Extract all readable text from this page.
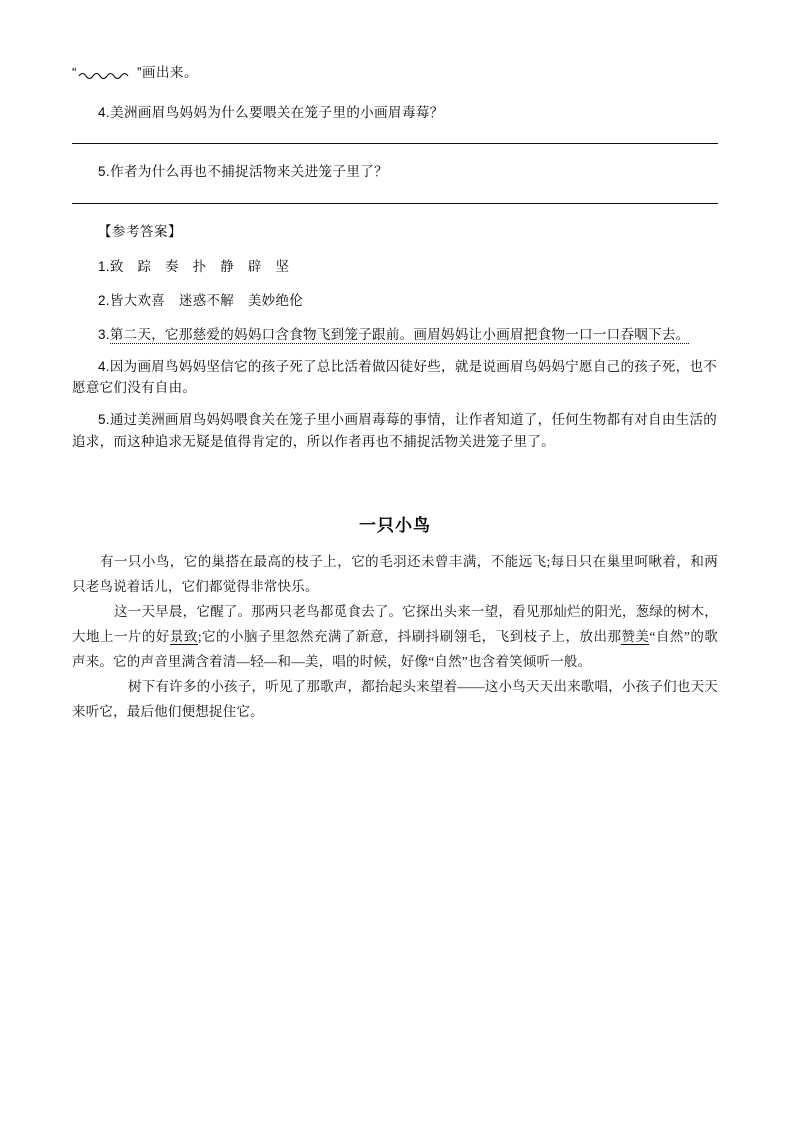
“	”画出来。

4.美洲画眉鸟妈妈为什么要喂关在笼子里的小画眉毒莓？

5.作者为什么再也不捕捉活物来关进笼子里了？

【参考答案】

1.致　踪　奏　扑　静　辟　坚

2.皆大欢喜　迷惑不解　美妙绝伦

3.第二天，它那慈爱的妈妈口含食物飞到笼子跟前。画眉妈妈让小画眉把食物一口一口吞咽下去。

4.因为画眉鸟妈妈坚信它的孩子死了总比活着做囚徒好些，就是说画眉鸟妈妈宁愿自己的孩子死，也不愿意它们没有自由。

5.通过美洲画眉鸟妈妈喂食关在笼子里小画眉毒莓的事情，让作者知道了，任何生物都有对自由生活的追求，而这种追求无疑是值得肯定的，所以作者再也不捕捉活物关进笼子里了。

一只小鸟

有一只小鸟，它的巢搭在最高的枝子上，它的毛羽还未曾丰满，不能远飞;每日只在巢里呵啾着，和两只老鸟说着话儿，它们都觉得非常快乐。

这一天早晨，它醒了。那两只老鸟都觅食去了。它探出头来一望，看见那灿烂的阳光，葱绿的树木，大地上一片的好景致;它的小脑子里忽然充满了新意，抖刷抖刷翎毛，飞到枝子上，放出那赞美“自然”的歌声来。它的声音里满含着清—轻—和—美，唱的时候，好像“自然”也含着笑倾听一般。

树下有许多的小孩子，听见了那歌声，都抬起头来望着——这小鸟天天出来歌唱，小孩子们也天天来听它，最后他们便想捉住它。
